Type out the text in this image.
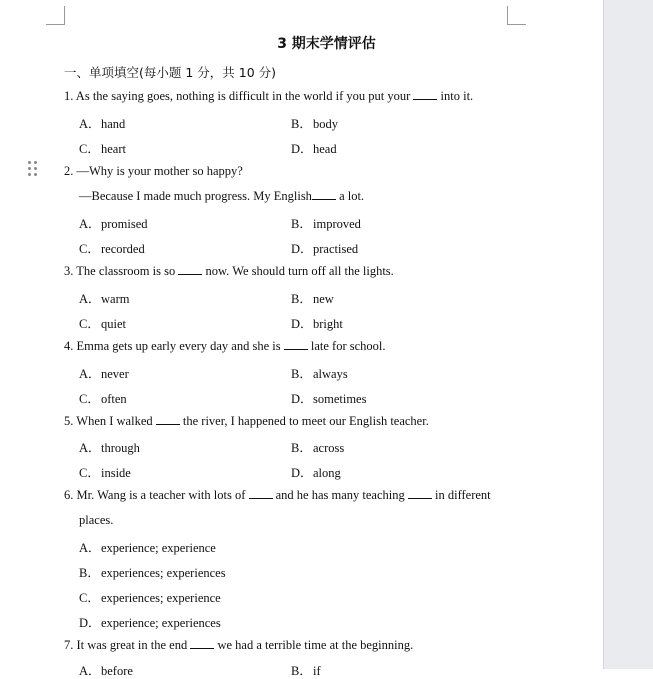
3 期末学情评估
一、单项填空(每小题 1 分，共 10 分)
1. As the saying goes, nothing is difficult in the world if you put your into it.
A．hand	B．body
C．heart	D．head
2. —Why is your mother so happy?
—Because I made much progress. My English a lot.
A．promised	B．improved
C．recorded	D．practised
3. The classroom is so now. We should turn off all the lights.
A．warm	B．new
C．quiet	D．bright
4. Emma gets up early every day and she is late for school.
A．never	B．always
C．often	D．sometimes
5. When I walked the river, I happened to meet our English teacher.
A．through	B．across
C．inside	D．along
6. Mr. Wang is a teacher with lots of and he has many teaching in different
places.
A．experience; experience
B．experiences; experiences
C．experiences; experience
D．experience; experiences
7. It was great in the end we had a terrible time at the beginning.
A．before	B．if
